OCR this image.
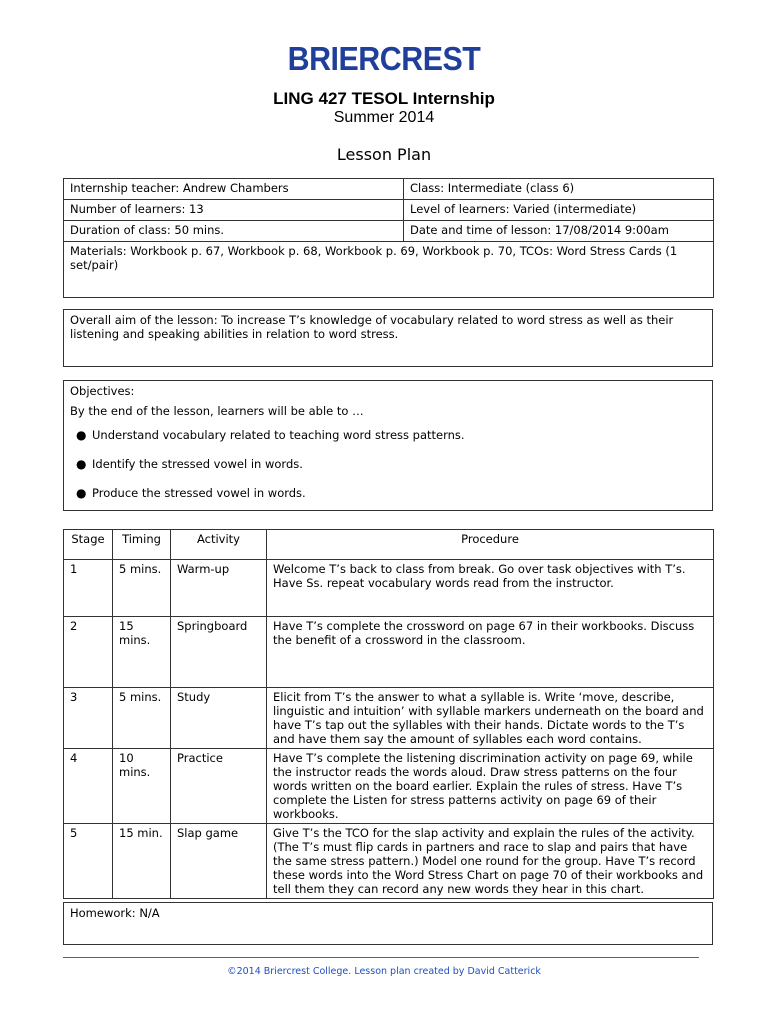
BRIERCREST
LING 427 TESOL Internship
Summer 2014
Lesson Plan
Internship teacher: Andrew Chambers	Class: Intermediate (class 6)
Number of learners: 13	Level of learners: Varied (intermediate)
Duration of class: 50 mins.	Date and time of lesson: 17/08/2014 9:00am
Materials: Workbook p. 67, Workbook p. 68, Workbook p. 69, Workbook p. 70, TCOs: Word Stress Cards (1 set/pair)	
Overall aim of the lesson: To increase T’s knowledge of vocabulary related to word stress as well as their listening and speaking abilities in relation to word stress.
Objectives:
By the end of the lesson, learners will be able to …
● Understand vocabulary related to teaching word stress patterns.
● Identify the stressed vowel in words.
● Produce the stressed vowel in words.
Stage	Timing	Activity	Procedure
1	5 mins.	Warm-up	Welcome T’s back to class from break. Go over task objectives with T’s. Have Ss. repeat vocabulary words read from the instructor.
2	15 mins.	Springboard	Have T’s complete the crossword on page 67 in their workbooks. Discuss the benefit of a crossword in the classroom.
3	5 mins.	Study	Elicit from T’s the answer to what a syllable is. Write ‘move, describe, linguistic and intuition’ with syllable markers underneath on the board and have T’s tap out the syllables with their hands. Dictate words to the T’s and have them say the amount of syllables each word contains.
4	10 mins.	Practice	Have T’s complete the listening discrimination activity on page 69, while the instructor reads the words aloud. Draw stress patterns on the four words written on the board earlier. Explain the rules of stress. Have T’s complete the Listen for stress patterns activity on page 69 of their workbooks.
5	15 min.	Slap game	Give T’s the TCO for the slap activity and explain the rules of the activity. (The T’s must flip cards in partners and race to slap and pairs that have the same stress pattern.) Model one round for the group. Have T’s record these words into the Word Stress Chart on page 70 of their workbooks and tell them they can record any new words they hear in this chart.
Homework: N/A
©2014 Briercrest College. Lesson plan created by David Catterick
